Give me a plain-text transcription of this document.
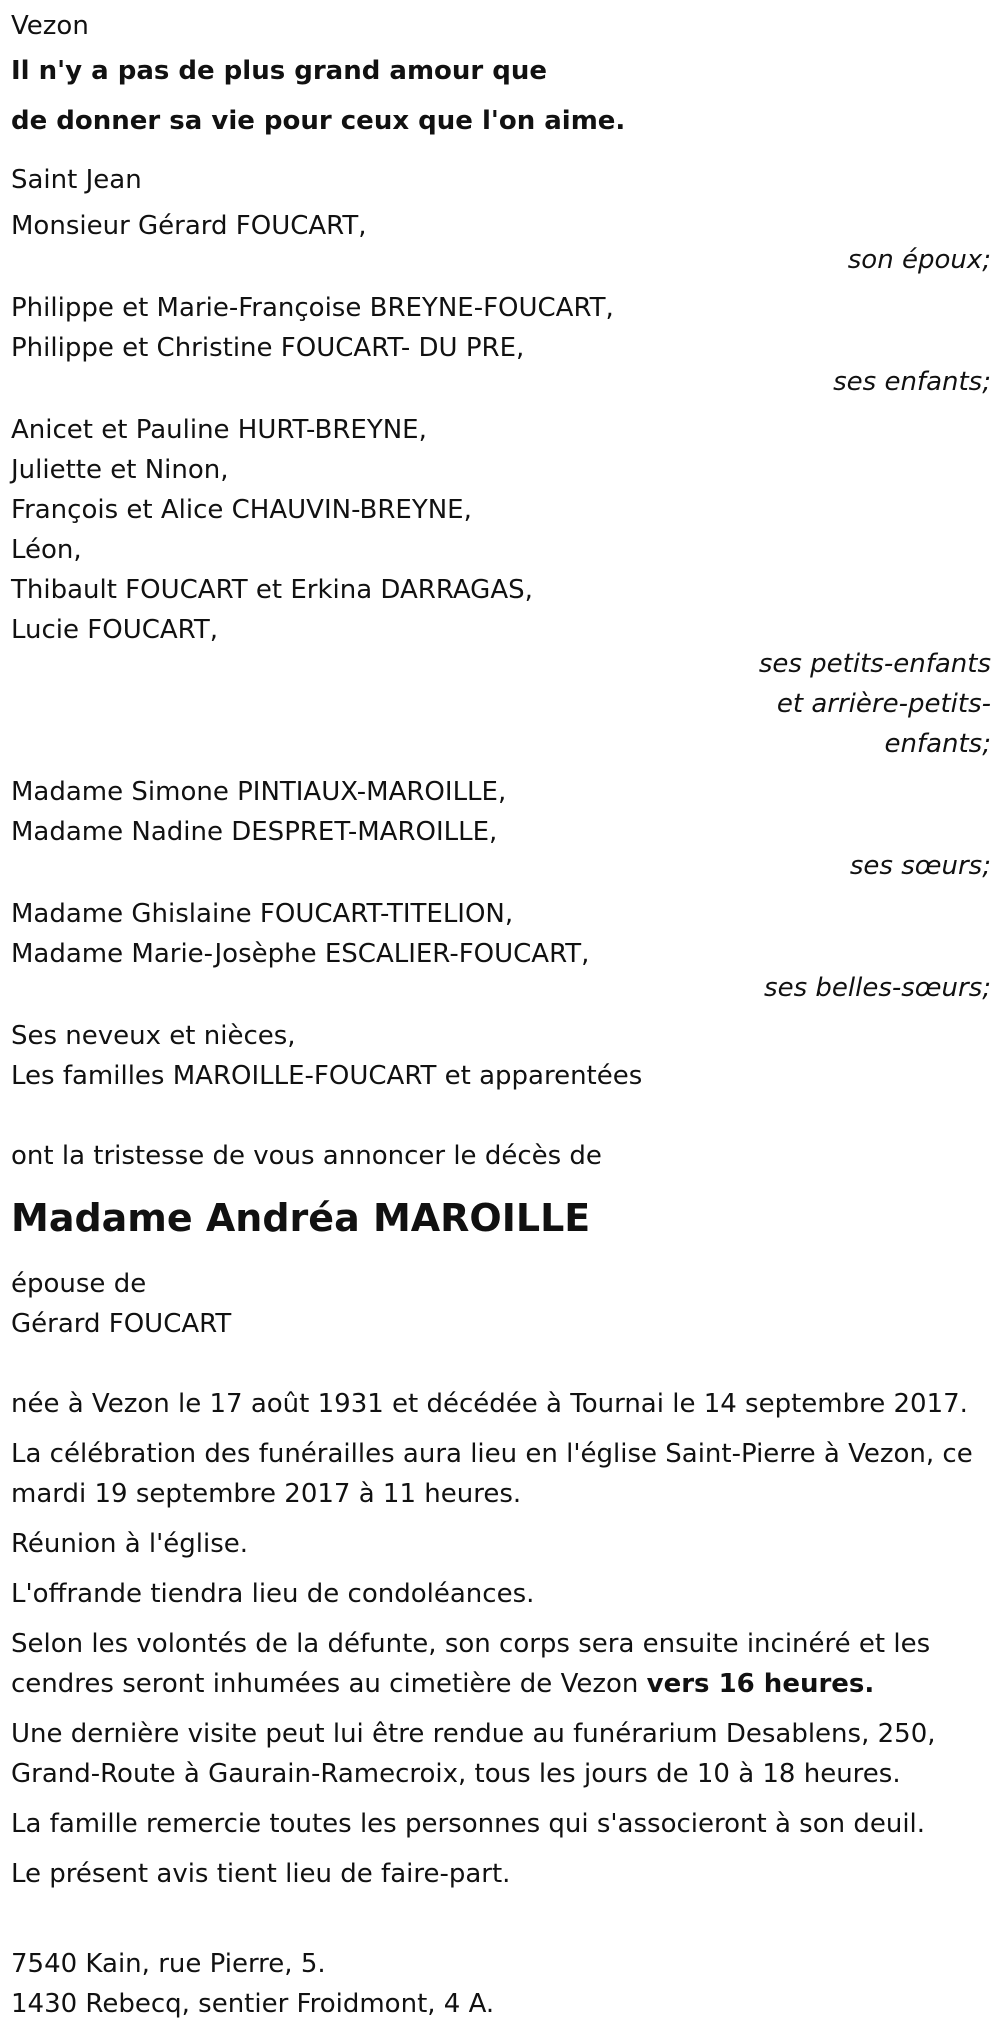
Vezon

Il n'y a pas de plus grand amour que

de donner sa vie pour ceux que l'on aime.

Saint Jean

Monsieur Gérard FOUCART,

son époux;

Philippe et Marie-Françoise BREYNE-FOUCART,

Philippe et Christine FOUCART- DU PRE,

ses enfants;

Anicet et Pauline HURT-BREYNE,

Juliette et Ninon,

François et Alice CHAUVIN-BREYNE,

Léon,

Thibault FOUCART et Erkina DARRAGAS,

Lucie FOUCART,

ses petits-enfants

et arrière-petits-

enfants;

Madame Simone PINTIAUX-MAROILLE,

Madame Nadine DESPRET-MAROILLE,

ses sœurs;

Madame Ghislaine FOUCART-TITELION,

Madame Marie-Josèphe ESCALIER-FOUCART,

ses belles-sœurs;

Ses neveux et nièces,

Les familles MAROILLE-FOUCART et apparentées

ont la tristesse de vous annoncer le décès de

Madame Andréa MAROILLE

épouse de

Gérard FOUCART

née à Vezon le 17 août 1931 et décédée à Tournai le 14 septembre 2017.

La célébration des funérailles aura lieu en l'église Saint-Pierre à Vezon, ce mardi 19 septembre 2017 à 11 heures.

Réunion à l'église.

L'offrande tiendra lieu de condoléances.

Selon les volontés de la défunte, son corps sera ensuite incinéré et les cendres seront inhumées au cimetière de Vezon vers 16 heures.

Une dernière visite peut lui être rendue au funérarium Desablens, 250, Grand-Route à Gaurain-Ramecroix, tous les jours de 10 à 18 heures.

La famille remercie toutes les personnes qui s'associeront à son deuil.

Le présent avis tient lieu de faire-part.

7540 Kain, rue Pierre, 5.

1430 Rebecq, sentier Froidmont, 4 A.
